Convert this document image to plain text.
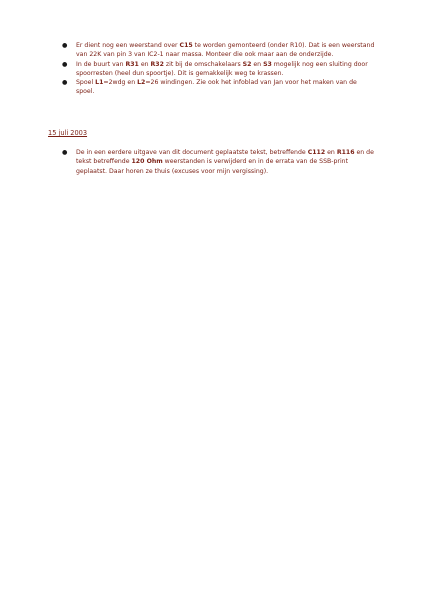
● Er dient nog een weerstand over C15 te worden gemonteerd (onder R10). Dat is een weerstand van 22K van pin 3 van IC2-1 naar massa. Monteer die ook maar aan de onderzijde.
● In de buurt van R31 en R32 zit bij de omschakelaars S2 en S3 mogelijk nog een sluiting door spoorresten (heel dun spoortje). Dit is gemakkelijk weg te krassen.
● Spoel L1=2wdg en L2=26 windingen. Zie ook het infoblad van Jan voor het maken van de spoel.
15 juli 2003
● De in een eerdere uitgave van dit document geplaatste tekst, betreffende C112 en R116 en de tekst betreffende 120 Ohm weerstanden is verwijderd en in de errata van de SSB-print geplaatst. Daar horen ze thuis (excuses voor mijn vergissing).
